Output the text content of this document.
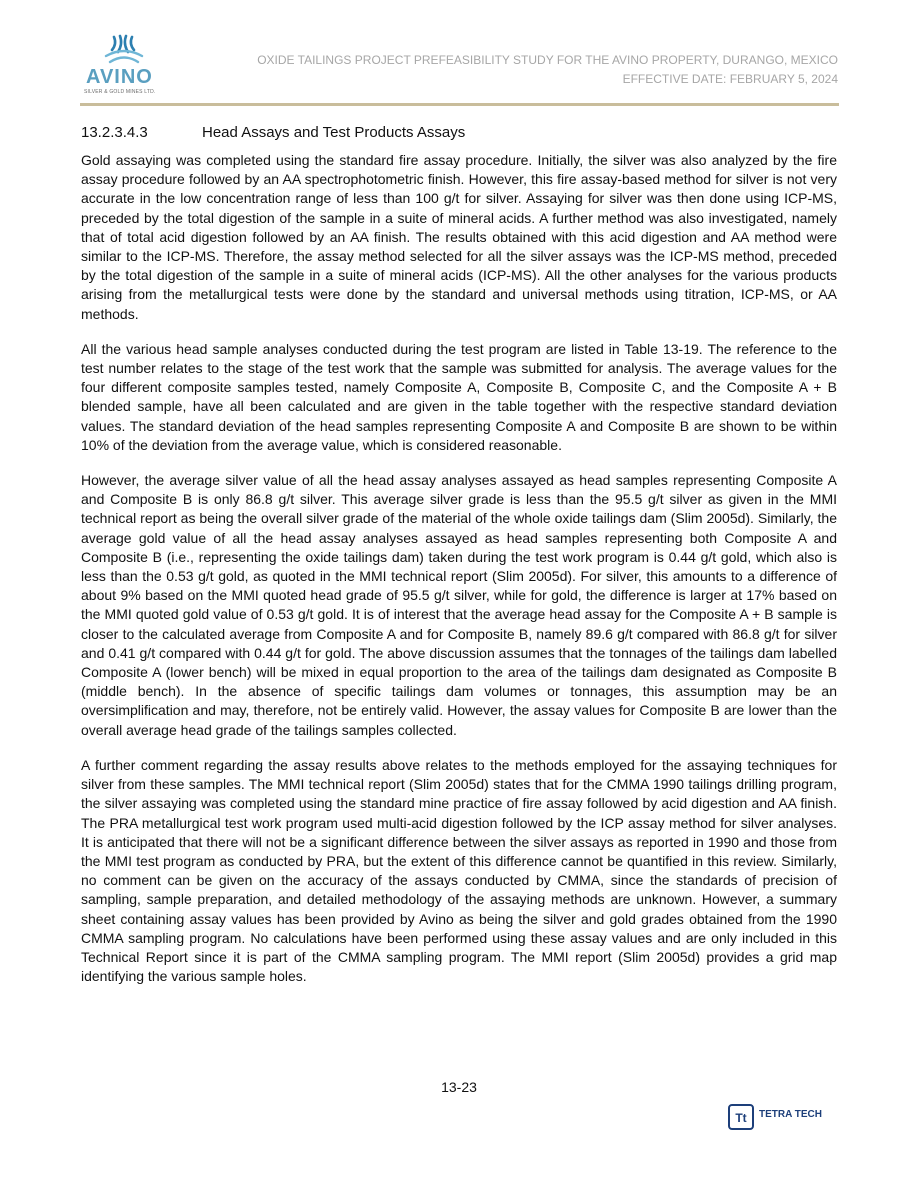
AVINO
SILVER & GOLD MINES LTD.
OXIDE TAILINGS PROJECT PREFEASIBILITY STUDY FOR THE AVINO PROPERTY, DURANGO, MEXICO
EFFECTIVE DATE: FEBRUARY 5, 2024
13.2.3.4.3	Head Assays and Test Products Assays

Gold assaying was completed using the standard fire assay procedure. Initially, the silver was also analyzed by the fire assay procedure followed by an AA spectrophotometric finish. However, this fire assay-based method for silver is not very accurate in the low concentration range of less than 100 g/t for silver. Assaying for silver was then done using ICP-MS, preceded by the total digestion of the sample in a suite of mineral acids. A further method was also investigated, namely that of total acid digestion followed by an AA finish. The results obtained with this acid digestion and AA method were similar to the ICP-MS. Therefore, the assay method selected for all the silver assays was the ICP-MS method, preceded by the total digestion of the sample in a suite of mineral acids (ICP-MS). All the other analyses for the various products arising from the metallurgical tests were done by the standard and universal methods using titration, ICP-MS, or AA methods.

All the various head sample analyses conducted during the test program are listed in Table 13-19. The reference to the test number relates to the stage of the test work that the sample was submitted for analysis. The average values for the four different composite samples tested, namely Composite A, Composite B, Composite C, and the Composite A + B blended sample, have all been calculated and are given in the table together with the respective standard deviation values. The standard deviation of the head samples representing Composite A and Composite B are shown to be within 10% of the deviation from the average value, which is considered reasonable.

However, the average silver value of all the head assay analyses assayed as head samples representing Composite A and Composite B is only 86.8 g/t silver. This average silver grade is less than the 95.5 g/t silver as given in the MMI technical report as being the overall silver grade of the material of the whole oxide tailings dam (Slim 2005d). Similarly, the average gold value of all the head assay analyses assayed as head samples representing both Composite A and Composite B (i.e., representing the oxide tailings dam) taken during the test work program is 0.44 g/t gold, which also is less than the 0.53 g/t gold, as quoted in the MMI technical report (Slim 2005d). For silver, this amounts to a difference of about 9% based on the MMI quoted head grade of 95.5 g/t silver, while for gold, the difference is larger at 17% based on the MMI quoted gold value of 0.53 g/t gold. It is of interest that the average head assay for the Composite A + B sample is closer to the calculated average from Composite A and for Composite B, namely 89.6 g/t compared with 86.8 g/t for silver and 0.41 g/t compared with 0.44 g/t for gold. The above discussion assumes that the tonnages of the tailings dam labelled Composite A (lower bench) will be mixed in equal proportion to the area of the tailings dam designated as Composite B (middle bench). In the absence of specific tailings dam volumes or tonnages, this assumption may be an oversimplification and may, therefore, not be entirely valid. However, the assay values for Composite B are lower than the overall average head grade of the tailings samples collected.

A further comment regarding the assay results above relates to the methods employed for the assaying techniques for silver from these samples. The MMI technical report (Slim 2005d) states that for the CMMA 1990 tailings drilling program, the silver assaying was completed using the standard mine practice of fire assay followed by acid digestion and AA finish. The PRA metallurgical test work program used multi-acid digestion followed by the ICP assay method for silver analyses. It is anticipated that there will not be a significant difference between the silver assays as reported in 1990 and those from the MMI test program as conducted by PRA, but the extent of this difference cannot be quantified in this review. Similarly, no comment can be given on the accuracy of the assays conducted by CMMA, since the standards of precision of sampling, sample preparation, and detailed methodology of the assaying methods are unknown. However, a summary sheet containing assay values has been provided by Avino as being the silver and gold grades obtained from the 1990 CMMA sampling program. No calculations have been performed using these assay values and are only included in this Technical Report since it is part of the CMMA sampling program. The MMI report (Slim 2005d) provides a grid map identifying the various sample holes.

13-23
Tt TETRA TECH
